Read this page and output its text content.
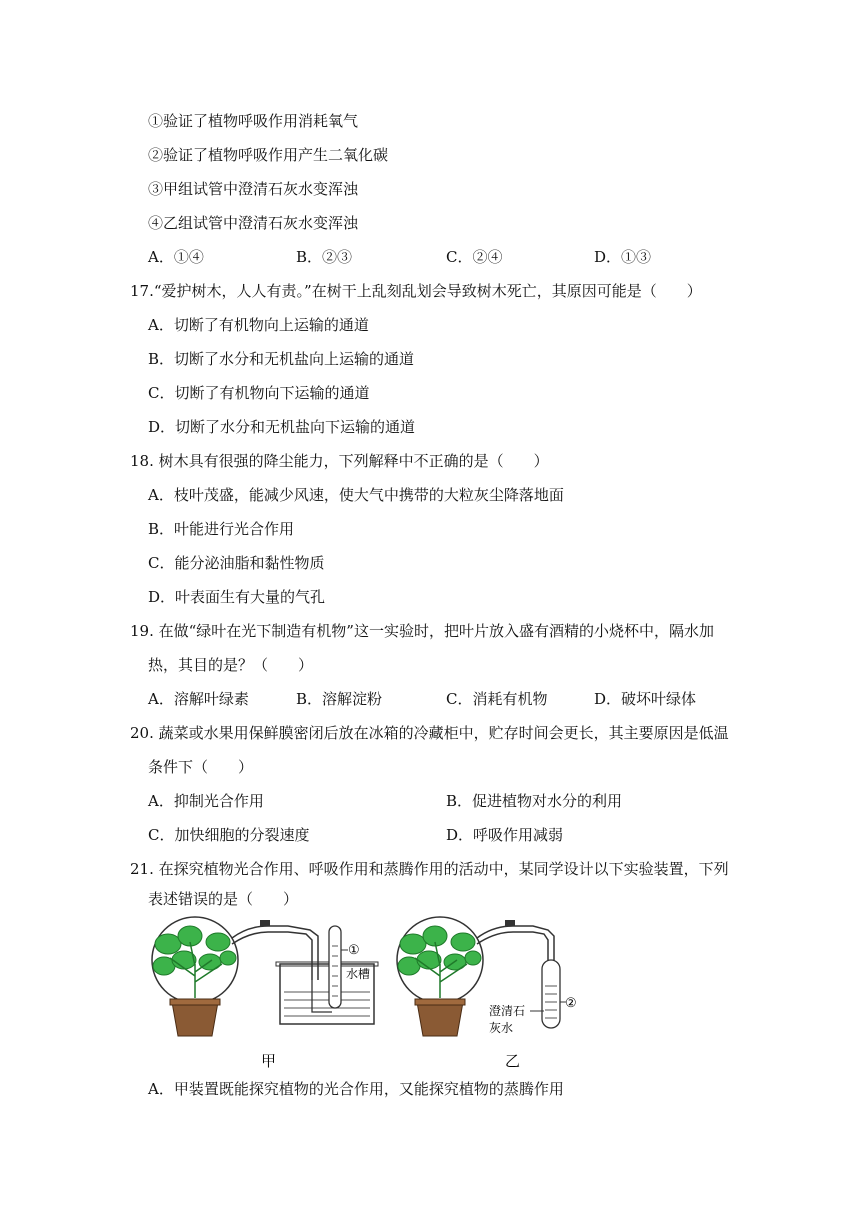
①验证了植物呼吸作用消耗氧气
②验证了植物呼吸作用产生二氧化碳
③甲组试管中澄清石灰水变浑浊
④乙组试管中澄清石灰水变浑浊
A．①④	B．②③	C．②④	D．①③
17.“爱护树木，人人有责。”在树干上乱刻乱划会导致树木死亡，其原因可能是（　　）
A．切断了有机物向上运输的通道
B．切断了水分和无机盐向上运输的通道
C．切断了有机物向下运输的通道
D．切断了水分和无机盐向下运输的通道
18. 树木具有很强的降尘能力，下列解释中不正确的是（　　）
A．枝叶茂盛，能减少风速，使大气中携带的大粒灰尘降落地面
B．叶能进行光合作用
C．能分泌油脂和黏性物质
D．叶表面生有大量的气孔
19. 在做“绿叶在光下制造有机物”这一实验时，把叶片放入盛有酒精的小烧杯中，隔水加
热，其目的是？（　　）
A．溶解叶绿素	B．溶解淀粉	C．消耗有机物	D．破坏叶绿体
20. 蔬菜或水果用保鲜膜密闭后放在冰箱的冷藏柜中，贮存时间会更长，其主要原因是低温
条件下（　　）
A．抑制光合作用	B．促进植物对水分的利用
C．加快细胞的分裂速度	D．呼吸作用减弱
21. 在探究植物光合作用、呼吸作用和蒸腾作用的活动中，某同学设计以下实验装置，下列
表述错误的是（　　）
①
水槽
甲
②
澄清石
灰水
乙
A．甲装置既能探究植物的光合作用，又能探究植物的蒸腾作用
